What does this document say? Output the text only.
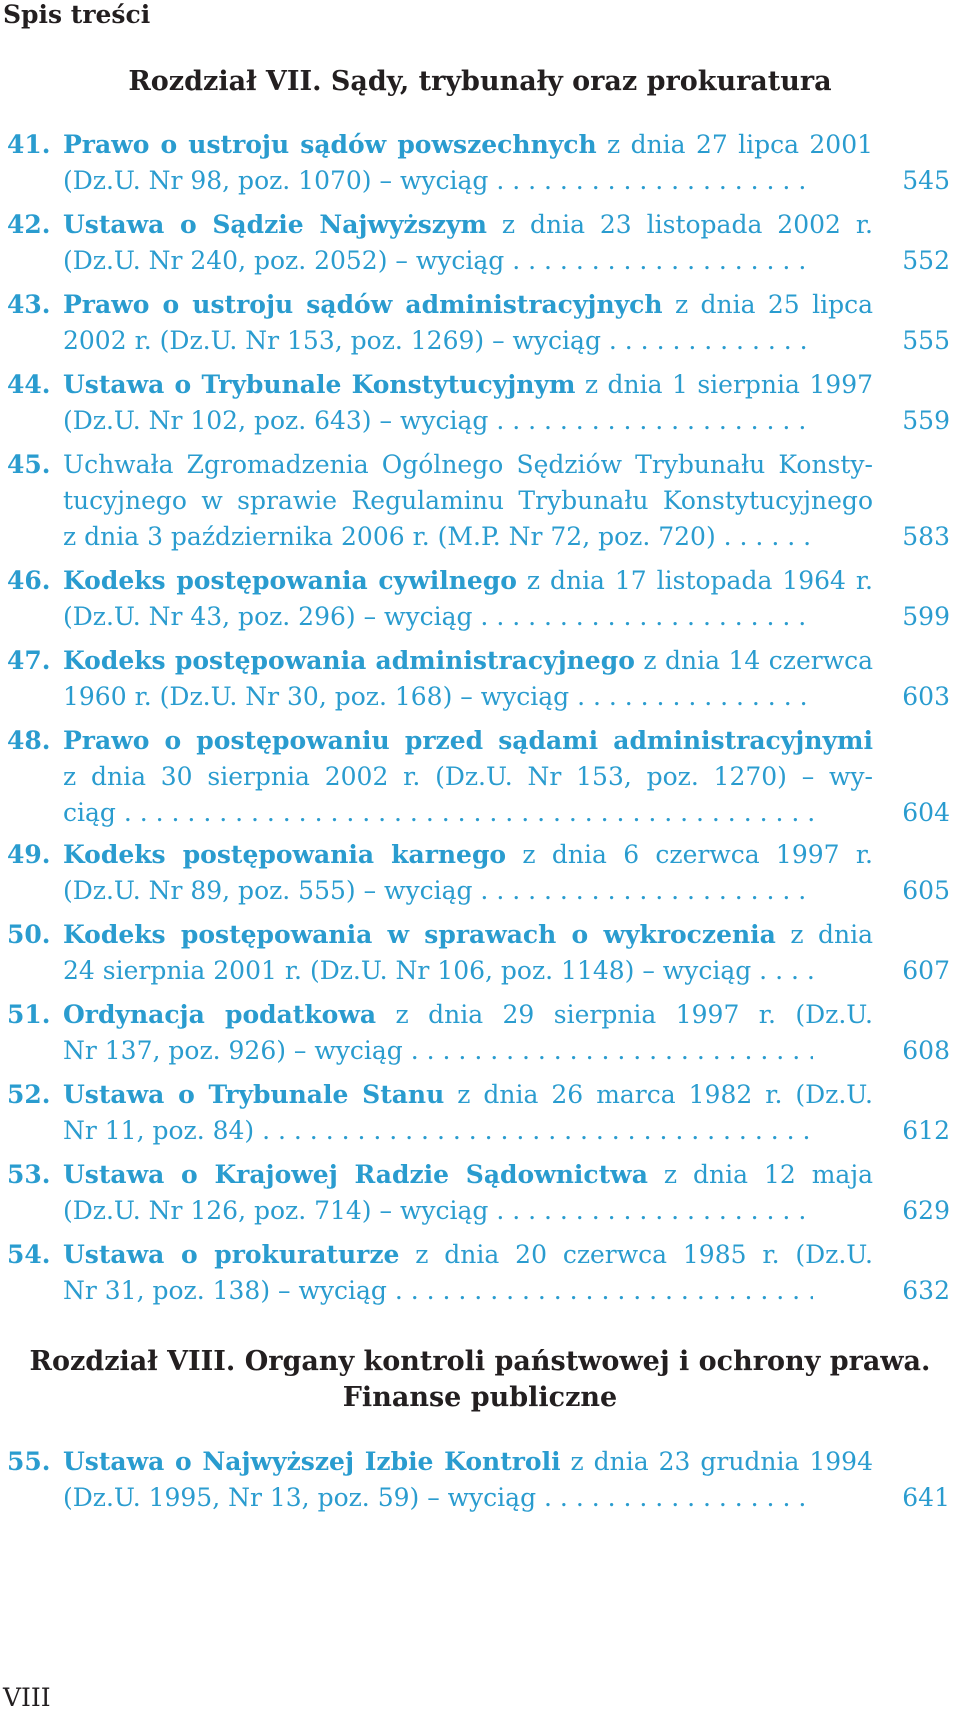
Spis treści
Rozdział VII. Sądy, trybunały oraz prokuratura
41. Prawo o ustroju sądów powszechnych z dnia 27 lipca 2001
(Dz.U. Nr 98, poz. 1070) – wyciąg . . .	545
42. Ustawa o Sądzie Najwyższym z dnia 23 listopada 2002 r.
(Dz.U. Nr 240, poz. 2052) – wyciąg . . .	552
43. Prawo o ustroju sądów administracyjnych z dnia 25 lipca
2002 r. (Dz.U. Nr 153, poz. 1269) – wyciąg . . .	555
44. Ustawa o Trybunale Konstytucyjnym z dnia 1 sierpnia 1997
(Dz.U. Nr 102, poz. 643) – wyciąg . . .	559
45. Uchwała Zgromadzenia Ogólnego Sędziów Trybunału Konsty-
tucyjnego w sprawie Regulaminu Trybunału Konstytucyjnego
z dnia 3 października 2006 r. (M.P. Nr 72, poz. 720) . . .	583
46. Kodeks postępowania cywilnego z dnia 17 listopada 1964 r.
(Dz.U. Nr 43, poz. 296) – wyciąg . . .	599
47. Kodeks postępowania administracyjnego z dnia 14 czerwca
1960 r. (Dz.U. Nr 30, poz. 168) – wyciąg . . .	603
48. Prawo o postępowaniu przed sądami administracyjnymi
z dnia 30 sierpnia 2002 r. (Dz.U. Nr 153, poz. 1270) – wy-
ciąg . . .	604
49. Kodeks postępowania karnego z dnia 6 czerwca 1997 r.
(Dz.U. Nr 89, poz. 555) – wyciąg . . .	605
50. Kodeks postępowania w sprawach o wykroczenia z dnia
24 sierpnia 2001 r. (Dz.U. Nr 106, poz. 1148) – wyciąg . . .	607
51. Ordynacja podatkowa z dnia 29 sierpnia 1997 r. (Dz.U.
Nr 137, poz. 926) – wyciąg . . .	608
52. Ustawa o Trybunale Stanu z dnia 26 marca 1982 r. (Dz.U.
Nr 11, poz. 84) . . .	612
53. Ustawa o Krajowej Radzie Sądownictwa z dnia 12 maja
(Dz.U. Nr 126, poz. 714) – wyciąg . . .	629
54. Ustawa o prokuraturze z dnia 20 czerwca 1985 r. (Dz.U.
Nr 31, poz. 138) – wyciąg . . .	632
55. Ustawa o Najwyższej Izbie Kontroli z dnia 23 grudnia 1994
(Dz.U. 1995, Nr 13, poz. 59) – wyciąg . . .	641
Rozdział VIII. Organy kontroli państwowej i ochrony prawa.
Finanse publiczne
VIII
